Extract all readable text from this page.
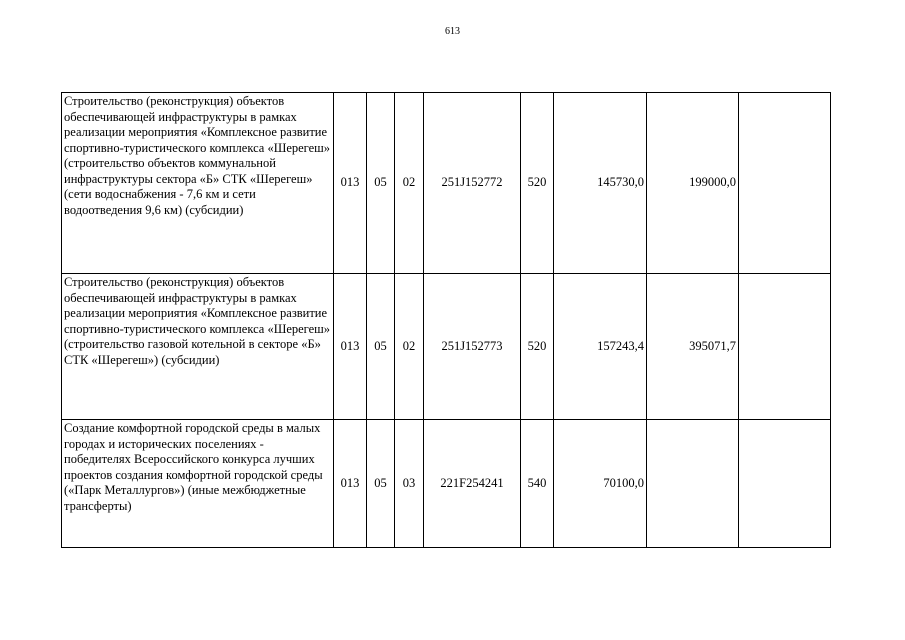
613
Строительство (реконструкция) объектов обеспечивающей инфраструктуры в рамках реализации мероприятия «Комплексное развитие спортивно-туристического комплекса «Шерегеш» (строительство объектов коммунальной инфраструктуры сектора «Б» СТК «Шерегеш» (сети водоснабжения - 7,6 км и сети водоотведения 9,6 км) (субсидии)	013	05	02	251J152772	520	145730,0	199000,0	
Строительство (реконструкция) объектов обеспечивающей инфраструктуры в рамках реализации мероприятия «Комплексное развитие спортивно-туристического комплекса «Шерегеш» (строительство газовой котельной в секторе «Б» СТК «Шерегеш») (субсидии)	013	05	02	251J152773	520	157243,4	395071,7	
Создание комфортной городской среды в малых городах и исторических поселениях - победителях Всероссийского конкурса лучших проектов создания комфортной городской среды («Парк Металлургов») (иные межбюджетные трансферты)	013	05	03	221F254241	540	70100,0		
